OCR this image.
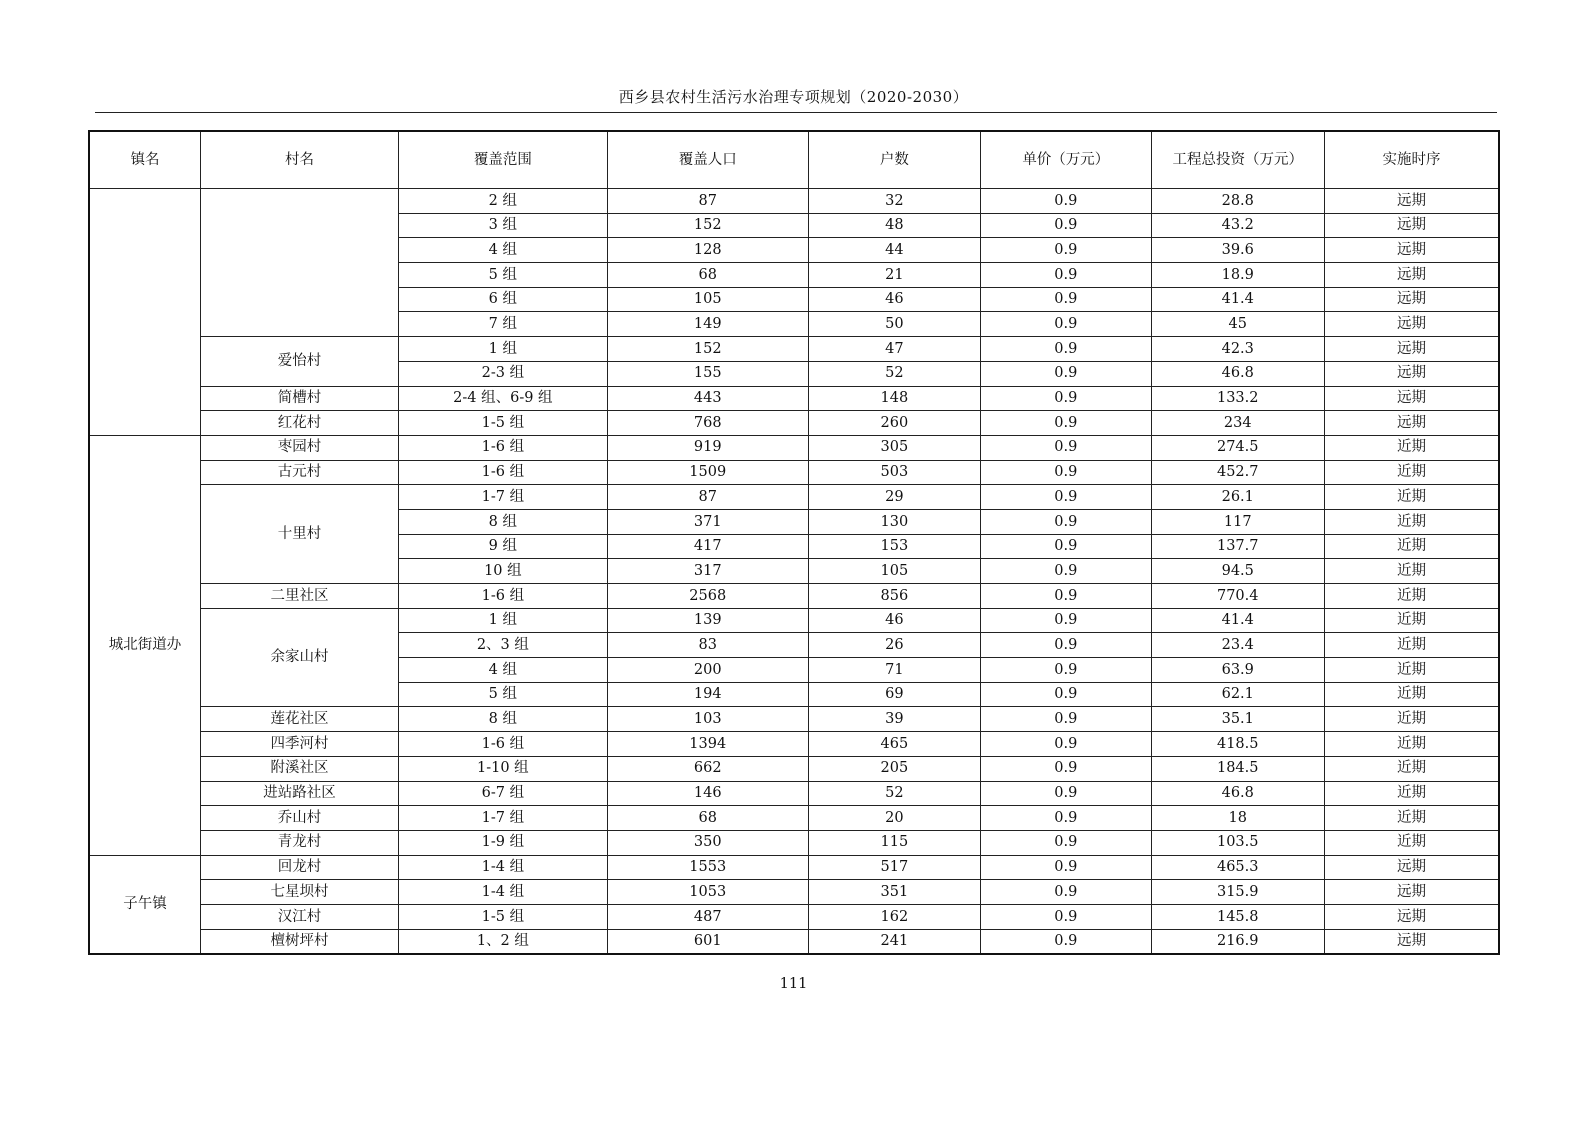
西乡县农村生活污水治理专项规划（2020-2030）
镇名	村名	覆盖范围	覆盖人口	户数	单价（万元）	工程总投资（万元）	实施时序
		2 组	87	32	0.9	28.8	远期
		3 组	152	48	0.9	43.2	远期
		4 组	128	44	0.9	39.6	远期
		5 组	68	21	0.9	18.9	远期
		6 组	105	46	0.9	41.4	远期
		7 组	149	50	0.9	45	远期
	爱怡村	1 组	152	47	0.9	42.3	远期
		2-3 组	155	52	0.9	46.8	远期
	简槽村	2-4 组、6-9 组	443	148	0.9	133.2	远期
	红花村	1-5 组	768	260	0.9	234	远期
城北街道办	枣园村	1-6 组	919	305	0.9	274.5	近期
	古元村	1-6 组	1509	503	0.9	452.7	近期
	十里村	1-7 组	87	29	0.9	26.1	近期
		8 组	371	130	0.9	117	近期
		9 组	417	153	0.9	137.7	近期
		10 组	317	105	0.9	94.5	近期
	二里社区	1-6 组	2568	856	0.9	770.4	近期
	余家山村	1 组	139	46	0.9	41.4	近期
		2、3 组	83	26	0.9	23.4	近期
		4 组	200	71	0.9	63.9	近期
		5 组	194	69	0.9	62.1	近期
	莲花社区	8 组	103	39	0.9	35.1	近期
	四季河村	1-6 组	1394	465	0.9	418.5	近期
	附溪社区	1-10 组	662	205	0.9	184.5	近期
	进站路社区	6-7 组	146	52	0.9	46.8	近期
	乔山村	1-7 组	68	20	0.9	18	近期
	青龙村	1-9 组	350	115	0.9	103.5	近期
子午镇	回龙村	1-4 组	1553	517	0.9	465.3	远期
	七星坝村	1-4 组	1053	351	0.9	315.9	远期
	汉江村	1-5 组	487	162	0.9	145.8	远期
	檀树坪村	1、2 组	601	241	0.9	216.9	远期
111
